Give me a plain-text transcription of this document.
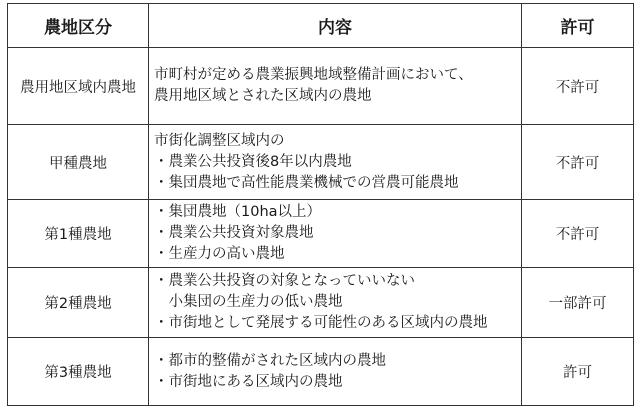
農地区分	内容	許可
農用地区域内農地	市町村が定める農業振興地域整備計画において、
農用地区域とされた区域内の農地	不許可
甲種農地	市街化調整区域内の
・農業公共投資後8年以内農地
・集団農地で高性能農業機械での営農可能農地	不許可
第1種農地	・集団農地（10ha以上）
・農業公共投資対象農地
・生産力の高い農地	不許可
第2種農地	・農業公共投資の対象となっていいない
　小集団の生産力の低い農地
・市街地として発展する可能性のある区域内の農地	一部許可
第3種農地	・都市的整備がされた区域内の農地
・市街地にある区域内の農地	許可
